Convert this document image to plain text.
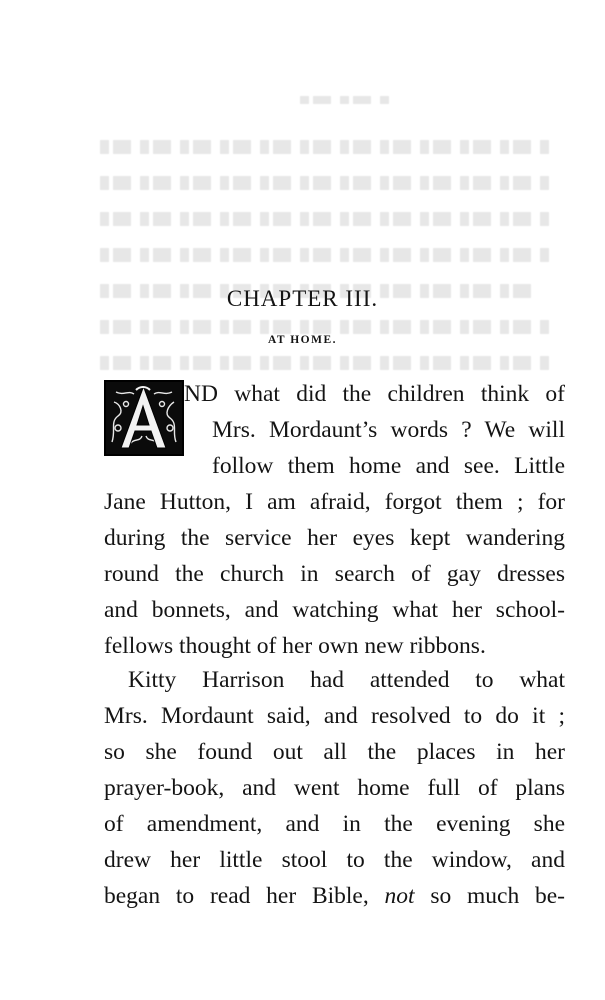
CHAPTER III.
AT HOME.
A
ND what did the children think of
Mrs. Mordaunt’s words ? We will
follow them home and see. Little
Jane Hutton, I am afraid, forgot them ; for
during the service her eyes kept wandering
round the church in search of gay dresses
and bonnets, and watching what her school-
fellows thought of her own new ribbons.
Kitty Harrison had attended to what
Mrs. Mordaunt said, and resolved to do it ;
so she found out all the places in her
prayer-book, and went home full of plans
of amendment, and in the evening she
drew her little stool to the window, and
began to read her Bible, not so much be-
